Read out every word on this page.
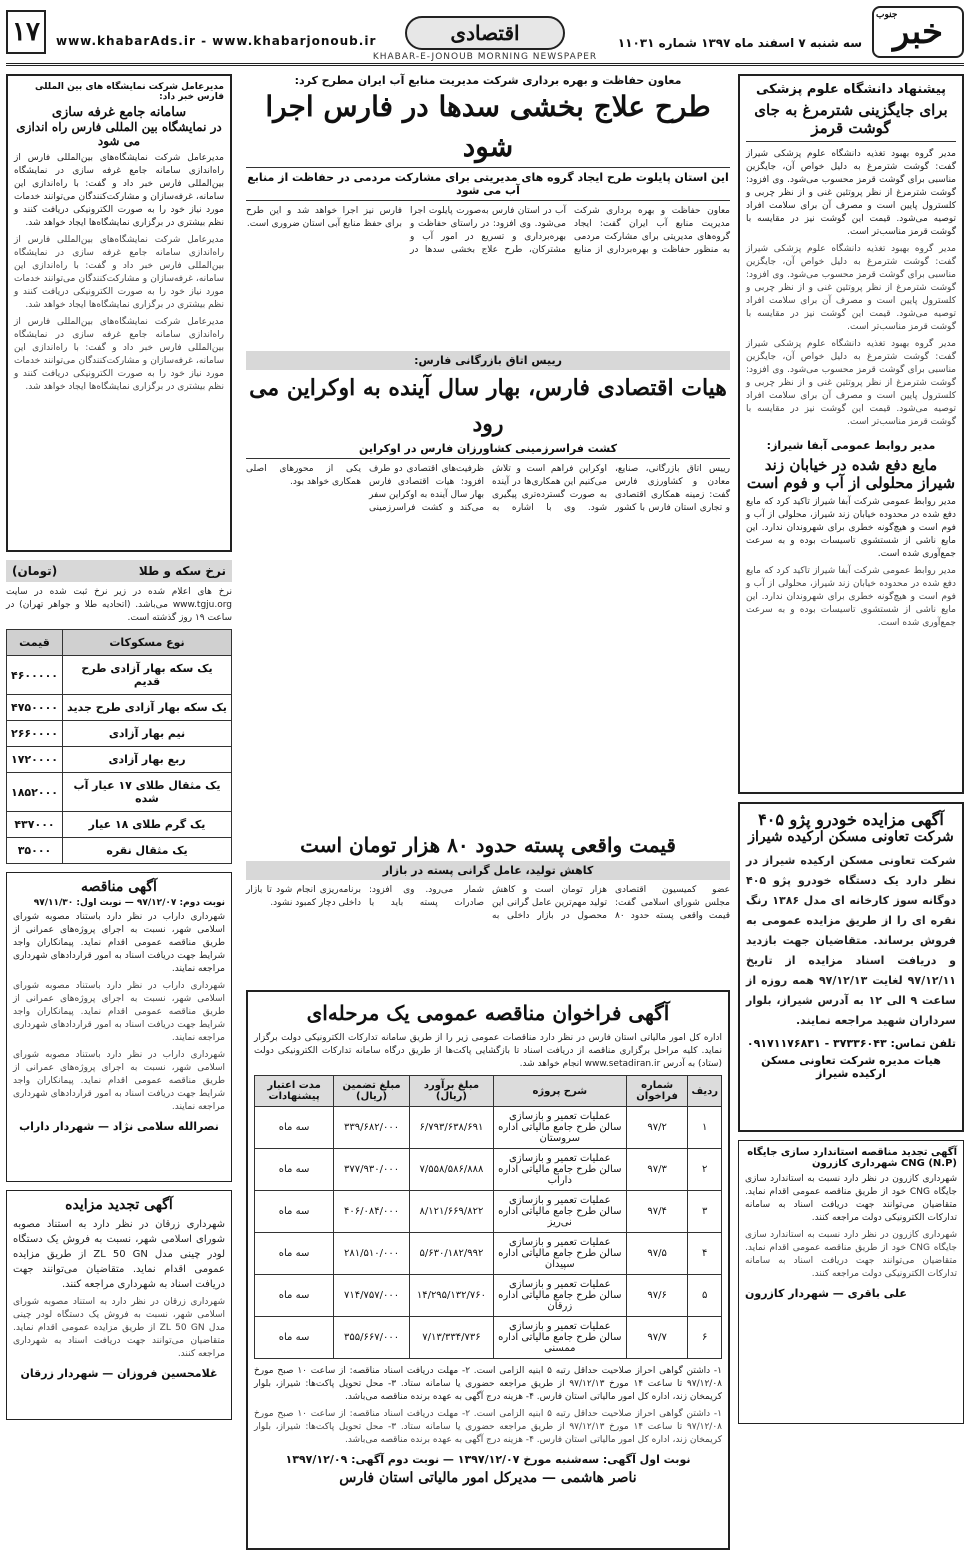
خبر
جنوب
سه شنبه ۷ اسفند ماه ۱۳۹۷ شماره ۱۱۰۳۱
اقتصادی
KHABAR-E-JONOUB MORNING NEWSPAPER
www.khabarAds.ir - www.khabarjonoub.ir
۱۷
پیشنهاد دانشگاه علوم پزشکی
برای جایگزینی شترمرغ به جای گوشت قرمز
مدیر گروه بهبود تغذیه دانشگاه علوم پزشکی شیراز گفت: گوشت شترمرغ به دلیل خواص آن، جایگزین مناسبی برای گوشت قرمز محسوب می‌شود. وی افزود: گوشت شترمرغ از نظر پروتئین غنی و از نظر چربی و کلسترول پایین است و مصرف آن برای سلامت افراد توصیه می‌شود. قیمت این گوشت نیز در مقایسه با گوشت قرمز مناسب‌تر است.
مدیر گروه بهبود تغذیه دانشگاه علوم پزشکی شیراز گفت: گوشت شترمرغ به دلیل خواص آن، جایگزین مناسبی برای گوشت قرمز محسوب می‌شود. وی افزود: گوشت شترمرغ از نظر پروتئین غنی و از نظر چربی و کلسترول پایین است و مصرف آن برای سلامت افراد توصیه می‌شود. قیمت این گوشت نیز در مقایسه با گوشت قرمز مناسب‌تر است.
مدیر گروه بهبود تغذیه دانشگاه علوم پزشکی شیراز گفت: گوشت شترمرغ به دلیل خواص آن، جایگزین مناسبی برای گوشت قرمز محسوب می‌شود. وی افزود: گوشت شترمرغ از نظر پروتئین غنی و از نظر چربی و کلسترول پایین است و مصرف آن برای سلامت افراد توصیه می‌شود. قیمت این گوشت نیز در مقایسه با گوشت قرمز مناسب‌تر است.
مدیر روابط عمومی آبفا شیراز:
مایع دفع شده در خیابان زند شیراز محلولی از آب و فوم است
مدیر روابط عمومی شرکت آبفا شیراز تاکید کرد که مایع دفع شده در محدوده خیابان زند شیراز، محلولی از آب و فوم است و هیچ‌گونه خطری برای شهروندان ندارد. این مایع ناشی از شستشوی تاسیسات بوده و به سرعت جمع‌آوری شده است.
مدیر روابط عمومی شرکت آبفا شیراز تاکید کرد که مایع دفع شده در محدوده خیابان زند شیراز، محلولی از آب و فوم است و هیچ‌گونه خطری برای شهروندان ندارد. این مایع ناشی از شستشوی تاسیسات بوده و به سرعت جمع‌آوری شده است.
آگهی مزایده خودرو پژو ۴۰۵
شرکت تعاونی مسکن ارکیده شیراز
شرکت تعاونی مسکن ارکیده شیراز در نظر دارد یک دستگاه خودرو پژو ۴۰۵ دوگانه سوز کارخانه ای مدل ۱۳۸۶ رنگ نقره ای را از طریق مزایده عمومی به فروش برساند. متقاضیان جهت بازدید و دریافت اسناد مزایده از تاریخ ۹۷/۱۲/۱۱ لغایت ۹۷/۱۲/۱۳ همه روزه از ساعت ۹ الی ۱۲ به آدرس شیراز، بلوار سرداران شهید مراجعه نمایند.
تلفن تماس: ۳۷۳۳۶۰۴۳ - ۰۹۱۷۱۱۷۶۸۳۱
هیات مدیره شرکت تعاونی مسکن ارکیده شیراز
آگهی تجدید مناقصه استاندارد سازی جایگاه (CNG (N.P شهرداری کازرون
شهرداری کازرون در نظر دارد نسبت به استاندارد سازی جایگاه CNG خود از طریق مناقصه عمومی اقدام نماید. متقاضیان می‌توانند جهت دریافت اسناد به سامانه تدارکات الکترونیکی دولت مراجعه کنند.
شهرداری کازرون در نظر دارد نسبت به استاندارد سازی جایگاه CNG خود از طریق مناقصه عمومی اقدام نماید. متقاضیان می‌توانند جهت دریافت اسناد به سامانه تدارکات الکترونیکی دولت مراجعه کنند.
علی باقری — شهردار کازرون
معاون حفاظت و بهره برداری شرکت مدیریت منابع آب ایران مطرح کرد:
طرح علاج بخشی سدها در فارس اجرا شود
این استان پایلوت طرح ایجاد گروه های مدیریتی برای مشارکت مردمی در حفاظت از منابع آب می شود
معاون حفاظت و بهره برداری شرکت مدیریت منابع آب ایران گفت: ایجاد گروه‌های مدیریتی برای مشارکت مردمی به منظور حفاظت و بهره‌برداری از منابع آب در استان فارس به‌صورت پایلوت اجرا می‌شود. وی افزود: در راستای حفاظت و بهره‌برداری و تسریع در امور آب و مشترکان، طرح علاج بخشی سدها در فارس نیز اجرا خواهد شد و این طرح برای حفظ منابع آبی استان ضروری است.
رییس اتاق بازرگانی فارس:
هیات اقتصادی فارس، بهار سال آینده به اوکراین می رود
کشت فراسرزمینی کشاورزان فارس در اوکراین
رییس اتاق بازرگانی، صنایع، معادن و کشاورزی فارس گفت: زمینه همکاری اقتصادی و تجاری استان فارس با کشور اوکراین فراهم است و تلاش می‌کنیم این همکاری‌ها در آینده به صورت گسترده‌تری پیگیری شود. وی با اشاره به ظرفیت‌های اقتصادی دو طرف افزود: هیات اقتصادی فارس بهار سال آینده به اوکراین سفر می‌کند و کشت فراسرزمینی یکی از محورهای اصلی همکاری خواهد بود.
قیمت واقعی پسته حدود ۸۰ هزار تومان است
کاهش تولید، عامل گرانی پسته در بازار
عضو کمیسیون اقتصادی مجلس شورای اسلامی گفت: قیمت واقعی پسته حدود ۸۰ هزار تومان است و کاهش تولید مهم‌ترین عامل گرانی این محصول در بازار داخلی به شمار می‌رود. وی افزود: صادرات پسته باید با برنامه‌ریزی انجام شود تا بازار داخلی دچار کمبود نشود.
آگهی فراخوان مناقصه عمومی یک مرحله‌ای
اداره کل امور مالیاتی استان فارس در نظر دارد مناقصات عمومی زیر را از طریق سامانه تدارکات الکترونیکی دولت برگزار نماید. کلیه مراحل برگزاری مناقصه از دریافت اسناد تا بازگشایی پاکت‌ها از طریق درگاه سامانه تدارکات الکترونیکی دولت (ستاد) به آدرس www.setadiran.ir انجام خواهد شد.
ردیف	شماره فراخوان	شرح پروژه	مبلغ برآورد (ریال)	مبلغ تضمین (ریال)	مدت اعتبار پیشنهادات
۱	۹۷/۲	عملیات تعمیر و بازسازی سالن طرح جامع مالیاتی اداره سروستان	۶/۷۹۳/۶۳۸/۶۹۱	۳۳۹/۶۸۲/۰۰۰	سه ماه
۲	۹۷/۳	عملیات تعمیر و بازسازی سالن طرح جامع مالیاتی اداره داراب	۷/۵۵۸/۵۸۶/۸۸۸	۳۷۷/۹۳۰/۰۰۰	سه ماه
۳	۹۷/۴	عملیات تعمیر و بازسازی سالن طرح جامع مالیاتی اداره نی‌ریز	۸/۱۲۱/۶۶۹/۸۲۲	۴۰۶/۰۸۴/۰۰۰	سه ماه
۴	۹۷/۵	عملیات تعمیر و بازسازی سالن طرح جامع مالیاتی اداره سپیدان	۵/۶۳۰/۱۸۲/۹۹۲	۲۸۱/۵۱۰/۰۰۰	سه ماه
۵	۹۷/۶	عملیات تعمیر و بازسازی سالن طرح جامع مالیاتی اداره زرقان	۱۴/۲۹۵/۱۳۲/۷۶۰	۷۱۴/۷۵۷/۰۰۰	سه ماه
۶	۹۷/۷	عملیات تعمیر و بازسازی سالن طرح جامع مالیاتی اداره ممسنی	۷/۱۳/۳۳۴/۷۳۶	۳۵۵/۶۶۷/۰۰۰	سه ماه
۱- داشتن گواهی احراز صلاحیت حداقل رتبه ۵ ابنیه الزامی است. ۲- مهلت دریافت اسناد مناقصه: از ساعت ۱۰ صبح مورخ ۹۷/۱۲/۰۸ تا ساعت ۱۴ مورخ ۹۷/۱۲/۱۳ از طریق مراجعه حضوری یا سامانه ستاد. ۳- محل تحویل پاکت‌ها: شیراز، بلوار کریمخان زند، اداره کل امور مالیاتی استان فارس. ۴- هزینه درج آگهی به عهده برنده مناقصه می‌باشد.
۱- داشتن گواهی احراز صلاحیت حداقل رتبه ۵ ابنیه الزامی است. ۲- مهلت دریافت اسناد مناقصه: از ساعت ۱۰ صبح مورخ ۹۷/۱۲/۰۸ تا ساعت ۱۴ مورخ ۹۷/۱۲/۱۳ از طریق مراجعه حضوری یا سامانه ستاد. ۳- محل تحویل پاکت‌ها: شیراز، بلوار کریمخان زند، اداره کل امور مالیاتی استان فارس. ۴- هزینه درج آگهی به عهده برنده مناقصه می‌باشد.
نوبت اول آگهی: سه‌شنبه مورخ ۱۳۹۷/۱۲/۰۷ — نوبت دوم آگهی: ۱۳۹۷/۱۲/۰۹
ناصر هاشمی — مدیرکل امور مالیاتی استان فارس
مدیرعامل شرکت نمایشگاه های بین المللی فارس خبر داد:
سامانه جامع غرفه سازی
در نمایشگاه بین المللی فارس راه اندازی می شود
مدیرعامل شرکت نمایشگاه‌های بین‌المللی فارس از راه‌اندازی سامانه جامع غرفه سازی در نمایشگاه بین‌المللی فارس خبر داد و گفت: با راه‌اندازی این سامانه، غرفه‌سازان و مشارکت‌کنندگان می‌توانند خدمات مورد نیاز خود را به صورت الکترونیکی دریافت کنند و نظم بیشتری در برگزاری نمایشگاه‌ها ایجاد خواهد شد.
مدیرعامل شرکت نمایشگاه‌های بین‌المللی فارس از راه‌اندازی سامانه جامع غرفه سازی در نمایشگاه بین‌المللی فارس خبر داد و گفت: با راه‌اندازی این سامانه، غرفه‌سازان و مشارکت‌کنندگان می‌توانند خدمات مورد نیاز خود را به صورت الکترونیکی دریافت کنند و نظم بیشتری در برگزاری نمایشگاه‌ها ایجاد خواهد شد.
مدیرعامل شرکت نمایشگاه‌های بین‌المللی فارس از راه‌اندازی سامانه جامع غرفه سازی در نمایشگاه بین‌المللی فارس خبر داد و گفت: با راه‌اندازی این سامانه، غرفه‌سازان و مشارکت‌کنندگان می‌توانند خدمات مورد نیاز خود را به صورت الکترونیکی دریافت کنند و نظم بیشتری در برگزاری نمایشگاه‌ها ایجاد خواهد شد.
نرخ سکه و طلا
(تومان)
نرخ های اعلام شده در زیر نرخ ثبت شده در سایت www.tgju.org می‌باشد. (اتحادیه طلا و جواهر تهران) در ساعت ۱۹ روز گذشته است.
نوع مسکوکات	قیمت
یک سکه بهار آزادی طرح قدیم	۴۶۰۰۰۰۰
یک سکه بهار آزادی طرح جدید	۴۷۵۰۰۰۰
نیم بهار آزادی	۲۶۶۰۰۰۰
ربع بهار آزادی	۱۷۲۰۰۰۰
یک مثقال طلای ۱۷ عیار آب شده	۱۸۵۲۰۰۰
یک گرم طلای ۱۸ عیار	۴۳۷۰۰۰
یک مثقال نقره	۳۵۰۰۰
آگهی مناقصه
نوبت دوم: ۹۷/۱۲/۰۷ — نوبت اول: ۹۷/۱۱/۳۰
شهرداری داراب در نظر دارد باستناد مصوبه شورای اسلامی شهر، نسبت به اجرای پروژه‌های عمرانی از طریق مناقصه عمومی اقدام نماید. پیمانکاران واجد شرایط جهت دریافت اسناد به امور قراردادهای شهرداری مراجعه نمایند.
شهرداری داراب در نظر دارد باستناد مصوبه شورای اسلامی شهر، نسبت به اجرای پروژه‌های عمرانی از طریق مناقصه عمومی اقدام نماید. پیمانکاران واجد شرایط جهت دریافت اسناد به امور قراردادهای شهرداری مراجعه نمایند.
شهرداری داراب در نظر دارد باستناد مصوبه شورای اسلامی شهر، نسبت به اجرای پروژه‌های عمرانی از طریق مناقصه عمومی اقدام نماید. پیمانکاران واجد شرایط جهت دریافت اسناد به امور قراردادهای شهرداری مراجعه نمایند.
نصرالله سلامی نژاد — شهردار داراب
آگهی تجدید مزایده
شهرداری زرقان در نظر دارد به استناد مصوبه شورای اسلامی شهر، نسبت به فروش یک دستگاه لودر چینی مدل ZL 50 GN از طریق مزایده عمومی اقدام نماید. متقاضیان می‌توانند جهت دریافت اسناد به شهرداری مراجعه کنند.
شهرداری زرقان در نظر دارد به استناد مصوبه شورای اسلامی شهر، نسبت به فروش یک دستگاه لودر چینی مدل ZL 50 GN از طریق مزایده عمومی اقدام نماید. متقاضیان می‌توانند جهت دریافت اسناد به شهرداری مراجعه کنند.
غلامحسین فروزان — شهردار زرقان
